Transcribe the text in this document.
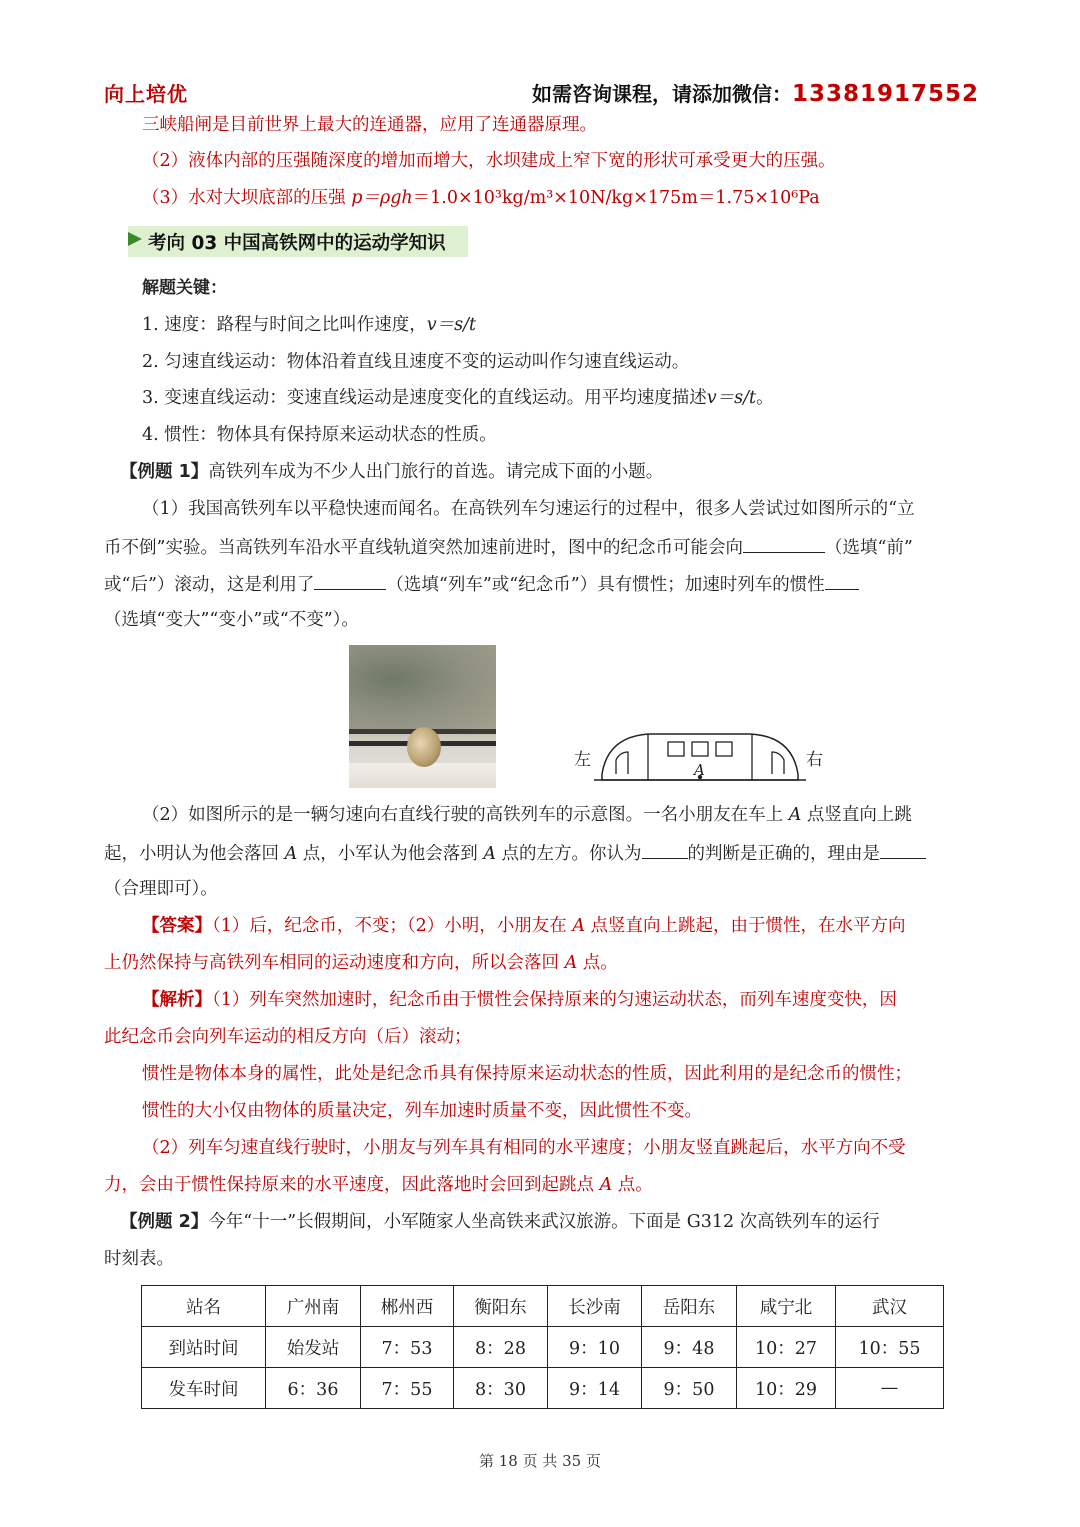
向上培优	如需咨询课程，请添加微信：13381917552
三峡船闸是目前世界上最大的连通器，应用了连通器原理。
（2）液体内部的压强随深度的增加而增大，水坝建成上窄下宽的形状可承受更大的压强。
（3）水对大坝底部的压强 p＝ρgh＝1.0×10³kg/m³×10N/kg×175m＝1.75×10⁶Pa
考向 03 中国高铁网中的运动学知识
解题关键：
1. 速度：路程与时间之比叫作速度，v＝s/t
2. 匀速直线运动：物体沿着直线且速度不变的运动叫作匀速直线运动。
3. 变速直线运动：变速直线运动是速度变化的直线运动。用平均速度描述v＝s/t。
4. 惯性：物体具有保持原来运动状态的性质。
【例题 1】高铁列车成为不少人出门旅行的首选。请完成下面的小题。
（1）我国高铁列车以平稳快速而闻名。在高铁列车匀速运行的过程中，很多人尝试过如图所示的“立
币不倒”实验。当高铁列车沿水平直线轨道突然加速前进时，图中的纪念币可能会向	（选填“前”
或“后”）滚动，这是利用了	（选填“列车”或“纪念币”）具有惯性；加速时列车的惯性
（选填“变大”“变小”或“不变”）。
左	右
A
（2）如图所示的是一辆匀速向右直线行驶的高铁列车的示意图。一名小朋友在车上 A 点竖直向上跳
起，小明认为他会落回 A 点，小军认为他会落到 A 点的左方。你认为	的判断是正确的，理由是
（合理即可）。
【答案】（1）后，纪念币，不变；（2）小明，小朋友在 A 点竖直向上跳起，由于惯性，在水平方向
上仍然保持与高铁列车相同的运动速度和方向，所以会落回 A 点。
【解析】（1）列车突然加速时，纪念币由于惯性会保持原来的匀速运动状态，而列车速度变快，因
此纪念币会向列车运动的相反方向（后）滚动；
惯性是物体本身的属性，此处是纪念币具有保持原来运动状态的性质，因此利用的是纪念币的惯性；
惯性的大小仅由物体的质量决定，列车加速时质量不变，因此惯性不变。
（2）列车匀速直线行驶时，小朋友与列车具有相同的水平速度；小朋友竖直跳起后，水平方向不受
力，会由于惯性保持原来的水平速度，因此落地时会回到起跳点 A 点。
【例题 2】今年“十一”长假期间，小军随家人坐高铁来武汉旅游。下面是 G312 次高铁列车的运行
时刻表。
站名	广州南	郴州西	衡阳东	长沙南	岳阳东	咸宁北	武汉
到站时间	始发站	7：53	8：28	9：10	9：48	10：27	10：55
发车时间	6：36	7：55	8：30	9：14	9：50	10：29	—
第 18 页 共 35 页
